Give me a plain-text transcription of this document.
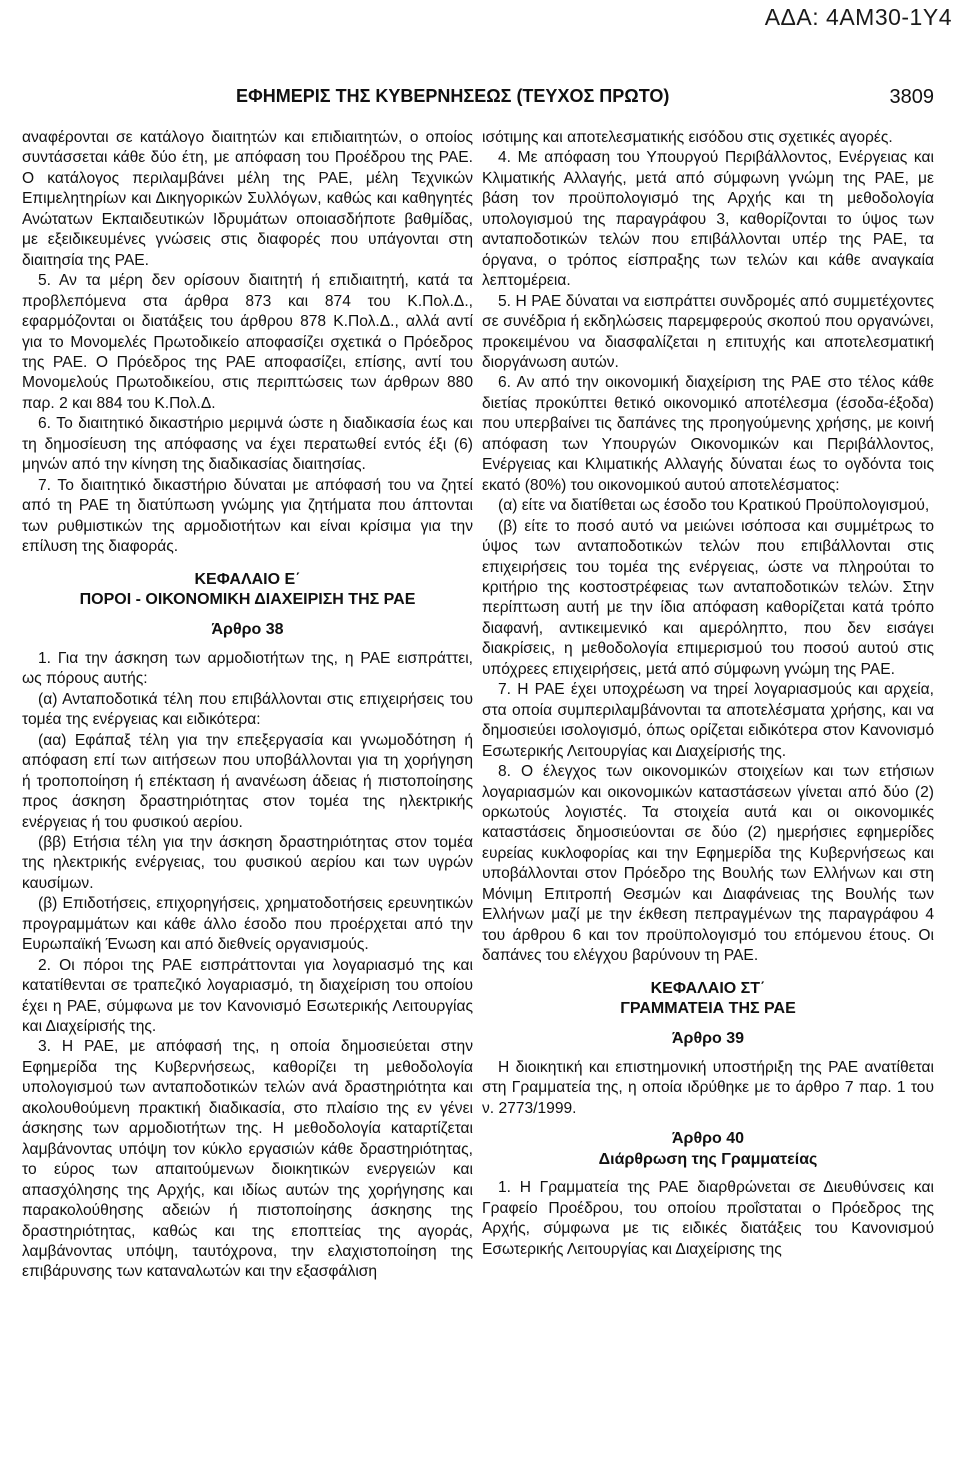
ΑΔΑ: 4ΑΜ30-1Υ4
ΕΦΗΜΕΡΙΣ ΤΗΣ ΚΥΒΕΡΝΗΣΕΩΣ (ΤΕΥΧΟΣ ΠΡΩΤΟ)	3809

αναφέρονται σε κατάλογο διαιτητών και επιδιαιτητών, ο οποίος συντάσσεται κάθε δύο έτη, με απόφαση του Προέδρου της ΡΑΕ. Ο κατάλογος περιλαμβάνει μέλη της ΡΑΕ, μέλη Τεχνικών Επιμελητηρίων και Δικηγορικών Συλλόγων, καθώς και καθηγητές Ανώτατων Εκπαιδευτικών Ιδρυμάτων οποιασδήποτε βαθμίδας, με εξειδικευμένες γνώσεις στις διαφορές που υπάγονται στη διαιτησία της ΡΑΕ.

5. Αν τα μέρη δεν ορίσουν διαιτητή ή επιδιαιτητή, κατά τα προβλεπόμενα στα άρθρα 873 και 874 του Κ.Πολ.Δ., εφαρμόζονται οι διατάξεις του άρθρου 878 Κ.Πολ.Δ., αλλά αντί για το Μονομελές Πρωτοδικείο αποφασίζει σχετικά ο Πρόεδρος της ΡΑΕ. Ο Πρόεδρος της ΡΑΕ αποφασίζει, επίσης, αντί του Μονομελούς Πρωτοδικείου, στις περιπτώσεις των άρθρων 880 παρ. 2 και 884 του Κ.Πολ.Δ.

6. Το διαιτητικό δικαστήριο μεριμνά ώστε η διαδικασία έως και τη δημοσίευση της απόφασης να έχει περατωθεί εντός έξι (6) μηνών από την κίνηση της διαδικασίας διαιτησίας.

7. Το διαιτητικό δικαστήριο δύναται με απόφασή του να ζητεί από τη ΡΑΕ τη διατύπωση γνώμης για ζητήματα που άπτονται των ρυθμιστικών της αρμοδιοτήτων και είναι κρίσιμα για την επίλυση της διαφοράς.

ΚΕΦΑΛΑΙΟ Ε΄

ΠΟΡΟΙ - ΟΙΚΟΝΟΜΙΚΗ ΔΙΑΧΕΙΡΙΣΗ ΤΗΣ ΡΑΕ

Άρθρο 38

1. Για την άσκηση των αρμοδιοτήτων της, η ΡΑΕ εισπράττει, ως πόρους αυτής:

(α) Ανταποδοτικά τέλη που επιβάλλονται στις επιχειρήσεις του τομέα της ενέργειας και ειδικότερα:

(αα) Εφάπαξ τέλη για την επεξεργασία και γνωμοδότηση ή απόφαση επί των αιτήσεων που υποβάλλονται για τη χορήγηση ή τροποποίηση ή επέκταση ή ανανέωση άδειας ή πιστοποίησης προς άσκηση δραστηριότητας στον τομέα της ηλεκτρικής ενέργειας ή του φυσικού αερίου.

(ββ) Ετήσια τέλη για την άσκηση δραστηριότητας στον τομέα της ηλεκτρικής ενέργειας, του φυσικού αερίου και των υγρών καυσίμων.

(β) Επιδοτήσεις, επιχορηγήσεις, χρηματοδοτήσεις ερευνητικών προγραμμάτων και κάθε άλλο έσοδο που προέρχεται από την Ευρωπαϊκή Ένωση και από διεθνείς οργανισμούς.

2. Οι πόροι της ΡΑΕ εισπράττονται για λογαριασμό της και κατατίθενται σε τραπεζικό λογαριασμό, τη διαχείριση του οποίου έχει η ΡΑΕ, σύμφωνα με τον Κανονισμό Εσωτερικής Λειτουργίας και Διαχείρισής της.

3. Η ΡΑΕ, με απόφασή της, η οποία δημοσιεύεται στην Εφημερίδα της Κυβερνήσεως, καθορίζει τη μεθοδολογία υπολογισμού των ανταποδοτικών τελών ανά δραστηριότητα και ακολουθούμενη πρακτική διαδικασία, στο πλαίσιο της εν γένει άσκησης των αρμοδιοτήτων της. Η μεθοδολογία καταρτίζεται λαμβάνοντας υπόψη τον κύκλο εργασιών κάθε δραστηριότητας, το εύρος των απαιτούμενων διοικητικών ενεργειών και απασχόλησης της Αρχής, και ιδίως αυτών της χορήγησης και παρακολούθησης αδειών ή πιστοποίησης άσκησης της δραστηριότητας, καθώς και της εποπτείας της αγοράς, λαμβάνοντας υπόψη, ταυτόχρονα, την ελαχιστοποίηση της επιβάρυνσης των καταναλωτών και την εξασφάλιση

ισότιμης και αποτελεσματικής εισόδου στις σχετικές αγορές.

4. Με απόφαση του Υπουργού Περιβάλλοντος, Ενέργειας και Κλιματικής Αλλαγής, μετά από σύμφωνη γνώμη της ΡΑΕ, με βάση τον προϋπολογισμό της Αρχής και τη μεθοδολογία υπολογισμού της παραγράφου 3, καθορίζονται το ύψος των ανταποδοτικών τελών που επιβάλλονται υπέρ της ΡΑΕ, τα όργανα, ο τρόπος είσπραξης των τελών και κάθε αναγκαία λεπτομέρεια.

5. Η ΡΑΕ δύναται να εισπράττει συνδρομές από συμμετέχοντες σε συνέδρια ή εκδηλώσεις παρεμφερούς σκοπού που οργανώνει, προκειμένου να διασφαλίζεται η επιτυχής και αποτελεσματική διοργάνωση αυτών.

6. Αν από την οικονομική διαχείριση της ΡΑΕ στο τέλος κάθε διετίας προκύπτει θετικό οικονομικό αποτέλεσμα (έσοδα-έξοδα) που υπερβαίνει τις δαπάνες της προηγούμενης χρήσης, με κοινή απόφαση των Υπουργών Οικονομικών και Περιβάλλοντος, Ενέργειας και Κλιματικής Αλλαγής δύναται έως το ογδόντα τοις εκατό (80%) του οικονομικού αυτού αποτελέσματος:

(α) είτε να διατίθεται ως έσοδο του Κρατικού Προϋπολογισμού,

(β) είτε το ποσό αυτό να μειώνει ισόποσα και συμμέτρως το ύψος των ανταποδοτικών τελών που επιβάλλονται στις επιχειρήσεις του τομέα της ενέργειας, ώστε να πληρούται το κριτήριο της κοστοστρέφειας των ανταποδοτικών τελών. Στην περίπτωση αυτή με την ίδια απόφαση καθορίζεται κατά τρόπο διαφανή, αντικειμενικό και αμερόληπτο, που δεν εισάγει διακρίσεις, η μεθοδολογία επιμερισμού του ποσού αυτού στις υπόχρεες επιχειρήσεις, μετά από σύμφωνη γνώμη της ΡΑΕ.

7. Η ΡΑΕ έχει υποχρέωση να τηρεί λογαριασμούς και αρχεία, στα οποία συμπεριλαμβάνονται τα αποτελέσματα χρήσης, και να δημοσιεύει ισολογισμό, όπως ορίζεται ειδικότερα στον Κανονισμό Εσωτερικής Λειτουργίας και Διαχείρισής της.

8. Ο έλεγχος των οικονομικών στοιχείων και των ετήσιων λογαριασμών και οικονομικών καταστάσεων γίνεται από δύο (2) ορκωτούς λογιστές. Τα στοιχεία αυτά και οι οικονομικές καταστάσεις δημοσιεύονται σε δύο (2) ημερήσιες εφημερίδες ευρείας κυκλοφορίας και την Εφημερίδα της Κυβερνήσεως και υποβάλλονται στον Πρόεδρο της Βουλής των Ελλήνων και στη Μόνιμη Επιτροπή Θεσμών και Διαφάνειας της Βουλής των Ελλήνων μαζί με την έκθεση πεπραγμένων της παραγράφου 4 του άρθρου 6 και τον προϋπολογισμό του επόμενου έτους. Οι δαπάνες του ελέγχου βαρύνουν τη ΡΑΕ.

ΚΕΦΑΛΑΙΟ ΣΤ΄

ΓΡΑΜΜΑΤΕΙΑ ΤΗΣ ΡΑΕ

Άρθρο 39

Η διοικητική και επιστημονική υποστήριξη της ΡΑΕ ανατίθεται στη Γραμματεία της, η οποία ιδρύθηκε με το άρθρο 7 παρ. 1 του ν. 2773/1999.

Άρθρο 40

Διάρθρωση της Γραμματείας

1. Η Γραμματεία της ΡΑΕ διαρθρώνεται σε Διευθύνσεις και Γραφείο Προέδρου, του οποίου προΐσταται ο Πρόεδρος της Αρχής, σύμφωνα με τις ειδικές διατάξεις του Κανονισμού Εσωτερικής Λειτουργίας και Διαχείρισης της
